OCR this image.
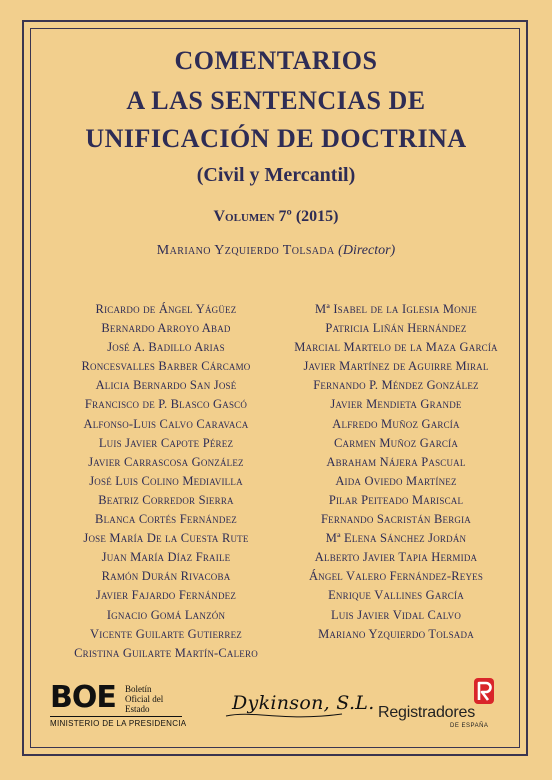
COMENTARIOS
A LAS SENTENCIAS DE
UNIFICACIÓN DE DOCTRINA
(Civil y Mercantil)
Volumen 7º (2015)
Mariano Yzquierdo Tolsada (Director)
Ricardo de Ángel Yágüez
Bernardo Arroyo Abad
José A. Badillo Arias
Roncesvalles Barber Cárcamo
Alicia Bernardo San José
Francisco de P. Blasco Gascó
Alfonso-Luis Calvo Caravaca
Luis Javier Capote Pérez
Javier Carrascosa González
José Luis Colino Mediavilla
Beatriz Corredor Sierra
Blanca Cortés Fernández
Jose María De la Cuesta Rute
Juan María Díaz Fraile
Ramón Durán Rivacoba
Javier Fajardo Fernández
Ignacio Gomá Lanzón
Vicente Guilarte Gutierrez
Cristina Guilarte Martín-Calero
Mª Isabel de la Iglesia Monje
Patricia Liñán Hernández
Marcial Martelo de la Maza García
Javier Martínez de Aguirre Miral
Fernando P. Méndez González
Javier Mendieta Grande
Alfredo Muñoz García
Carmen Muñoz García
Abraham Nájera Pascual
Aida Oviedo Martínez
Pilar Peiteado Mariscal
Fernando Sacristán Bergia
Mª Elena Sánchez Jordán
Alberto Javier Tapia Hermida
Ángel Valero Fernández-Reyes
Enrique Vallines García
Luis Javier Vidal Calvo
Mariano Yzquierdo Tolsada
BOE Boletín
Oficial del
Estado
MINISTERIO DE LA PRESIDENCIA
Dykinson, S.L. Registradores
DE ESPAÑA
